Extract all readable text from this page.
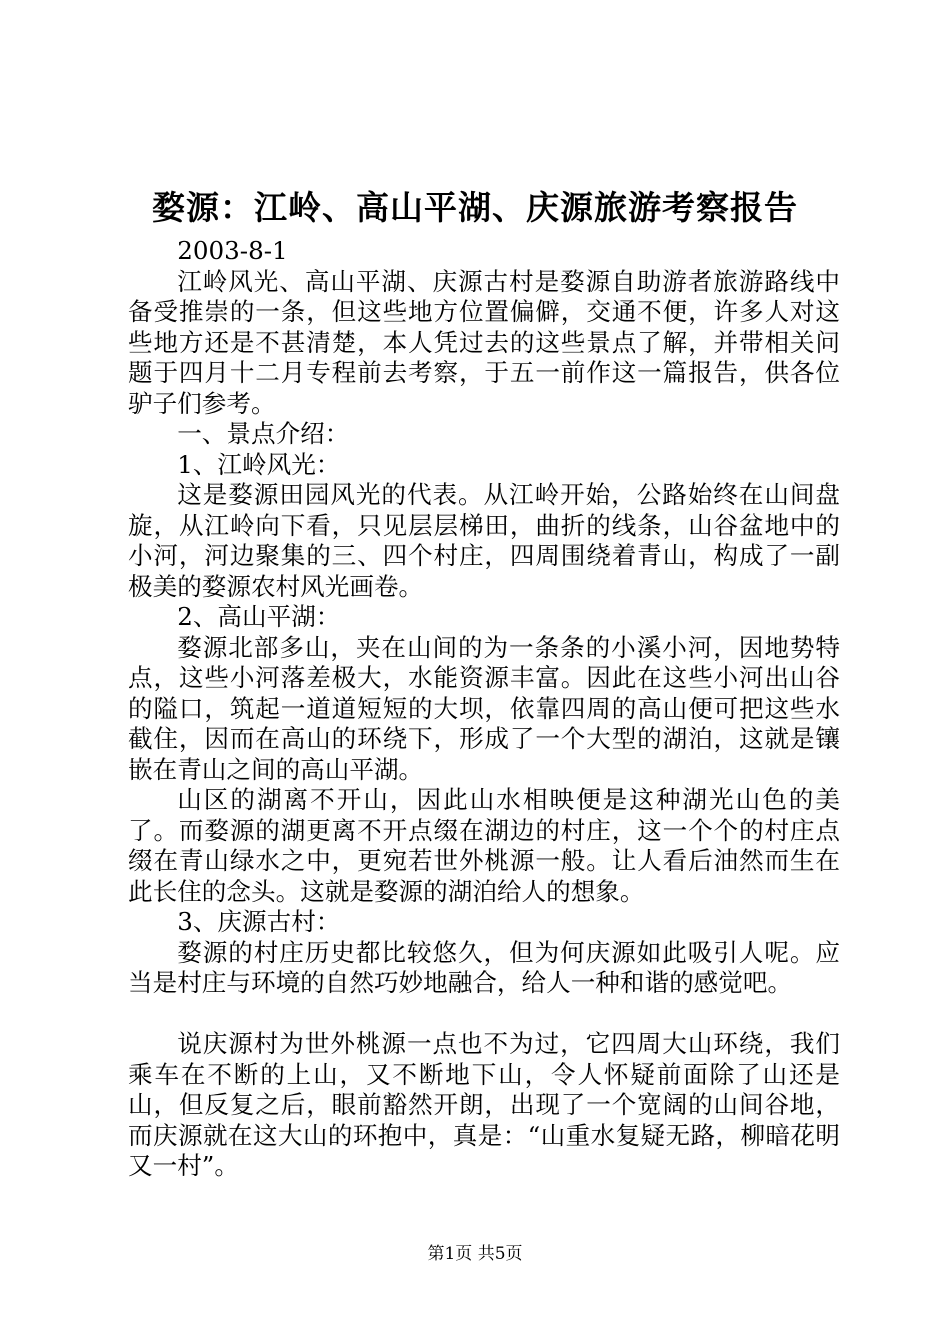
婺源：江岭、高山平湖、庆源旅游考察报告

2003-8-1

江岭风光、高山平湖、庆源古村是婺源自助游者旅游路线中备受推崇的一条，但这些地方位置偏僻，交通不便，许多人对这些地方还是不甚清楚，本人凭过去的这些景点了解，并带相关问题于四月十二月专程前去考察，于五一前作这一篇报告，供各位驴子们参考。

一、景点介绍：

1、江岭风光：

这是婺源田园风光的代表。从江岭开始，公路始终在山间盘旋，从江岭向下看，只见层层梯田，曲折的线条，山谷盆地中的小河，河边聚集的三、四个村庄，四周围绕着青山，构成了一副极美的婺源农村风光画卷。

2、高山平湖：

婺源北部多山，夹在山间的为一条条的小溪小河，因地势特点，这些小河落差极大，水能资源丰富。因此在这些小河出山谷的隘口，筑起一道道短短的大坝，依靠四周的高山便可把这些水截住，因而在高山的环绕下，形成了一个大型的湖泊，这就是镶嵌在青山之间的高山平湖。

山区的湖离不开山，因此山水相映便是这种湖光山色的美了。而婺源的湖更离不开点缀在湖边的村庄，这一个个的村庄点缀在青山绿水之中，更宛若世外桃源一般。让人看后油然而生在此长住的念头。这就是婺源的湖泊给人的想象。

3、庆源古村：

婺源的村庄历史都比较悠久，但为何庆源如此吸引人呢。应当是村庄与环境的自然巧妙地融合，给人一种和谐的感觉吧。

说庆源村为世外桃源一点也不为过，它四周大山环绕，我们乘车在不断的上山，又不断地下山，令人怀疑前面除了山还是山，但反复之后，眼前豁然开朗，出现了一个宽阔的山间谷地，而庆源就在这大山的环抱中，真是：“山重水复疑无路，柳暗花明又一村”。

第1页 共5页
